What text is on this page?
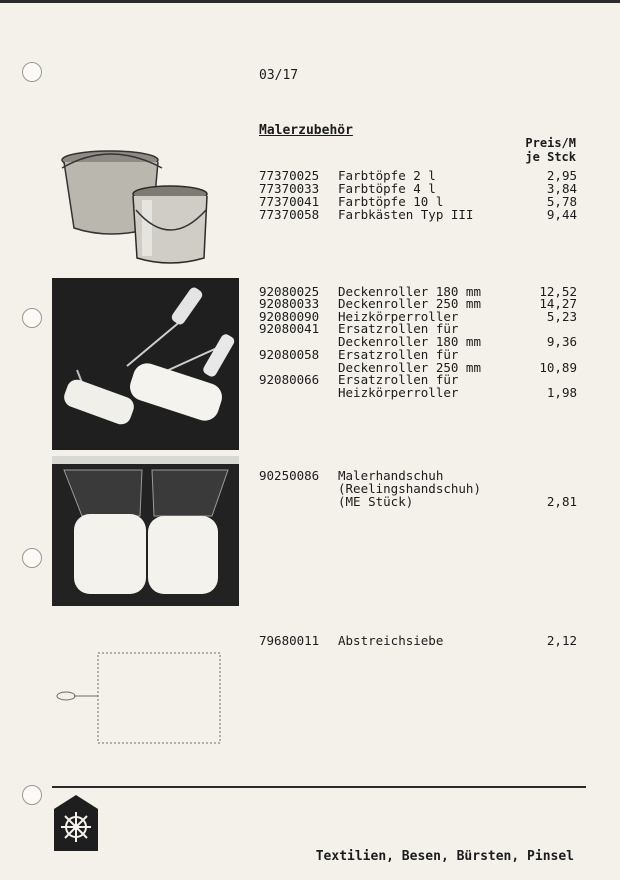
03/17
Malerzubehör
Preis/M
je Stck
77370025 Farbtöpfe 2 l	2,95
77370033 Farbtöpfe 4 l	3,84
77370041 Farbtöpfe 10 l	5,78
77370058 Farbkästen Typ III	9,44
92080025 Deckenroller 180 mm	12,52
92080033 Deckenroller 250 mm	14,27
92080090 Heizkörperroller	5,23
92080041 Ersatzrollen für
Deckenroller 180 mm	9,36
92080058 Ersatzrollen für
Deckenroller 250 mm	10,89
92080066 Ersatzrollen für
Heizkörperroller	1,98
90250086 Malerhandschuh
(Reelingshandschuh)
(ME Stück)	2,81
79680011 Abstreichsiebe	2,12
Textilien, Besen, Bürsten, Pinsel
